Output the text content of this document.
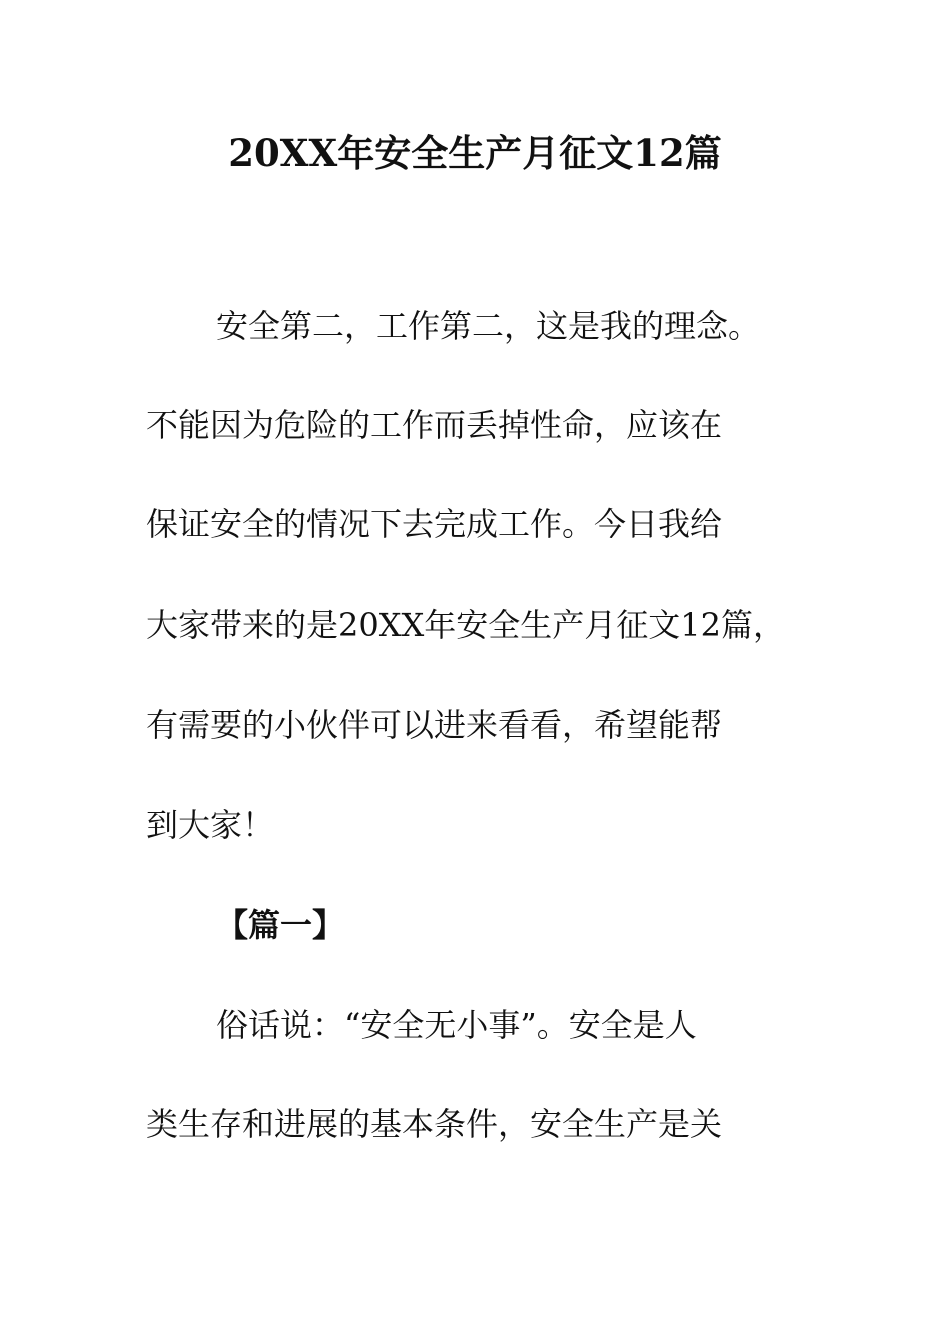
20XX年安全生产月征文12篇
安全第二，工作第二，这是我的理念。
不能因为危险的工作而丢掉性命，应该在
保证安全的情况下去完成工作。今日我给
大家带来的是20XX年安全生产月征文12篇，
有需要的小伙伴可以进来看看，希望能帮
到大家！
【篇一】
俗话说：“安全无小事”。安全是人
类生存和进展的基本条件，安全生产是关
